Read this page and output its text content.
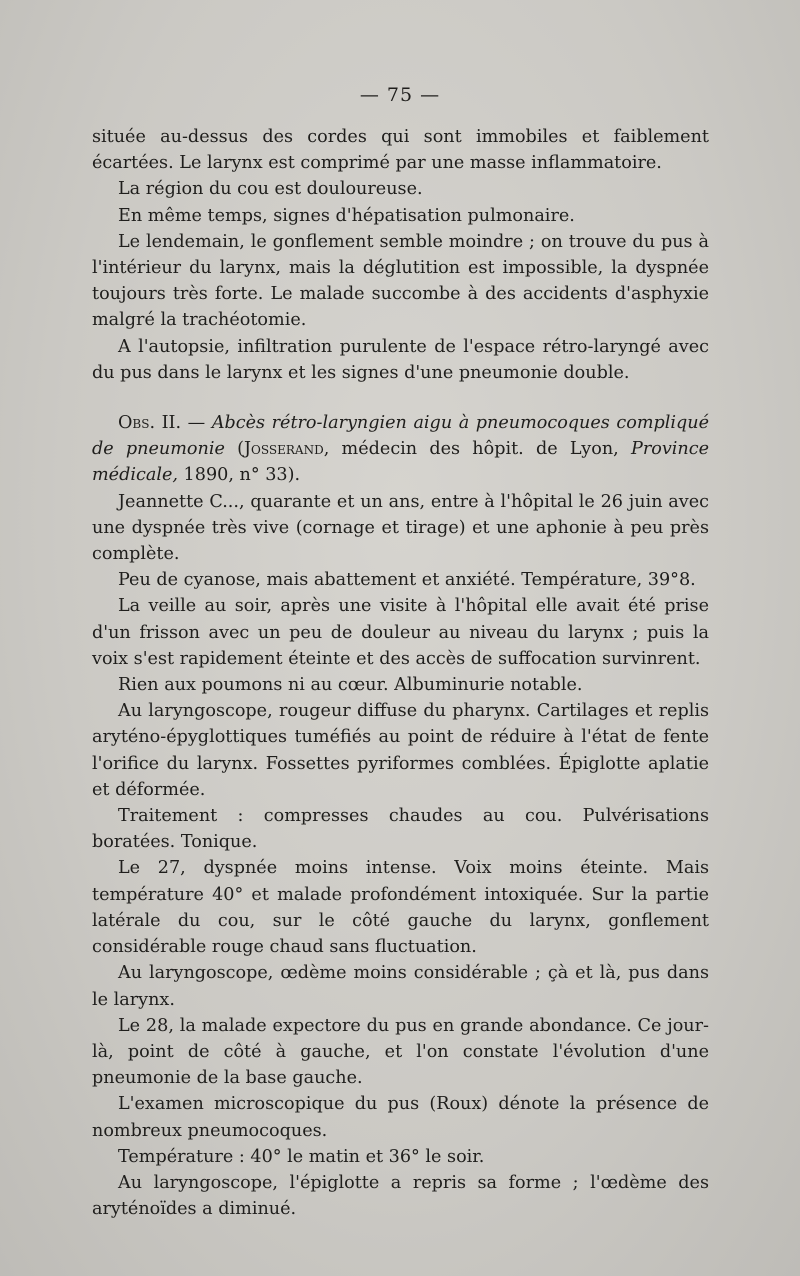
— 75 —

située au-dessus des cordes qui sont immobiles et faiblement écartées. Le larynx est comprimé par une masse inflammatoire.

La région du cou est douloureuse.

En même temps, signes d'hépatisation pulmonaire.

Le lendemain, le gonflement semble moindre ; on trouve du pus à l'intérieur du larynx, mais la déglutition est impossible, la dyspnée toujours très forte. Le malade succombe à des accidents d'asphyxie malgré la trachéotomie.

A l'autopsie, infiltration purulente de l'espace rétro-laryngé avec du pus dans le larynx et les signes d'une pneumonie double.

Obs. II. — Abcès rétro-laryngien aigu à pneumocoques compliqué de pneumonie (Josserand, médecin des hôpit. de Lyon, Province médicale, 1890, n° 33).

Jeannette C..., quarante et un ans, entre à l'hôpital le 26 juin avec une dyspnée très vive (cornage et tirage) et une aphonie à peu près complète.

Peu de cyanose, mais abattement et anxiété. Température, 39°8.

La veille au soir, après une visite à l'hôpital elle avait été prise d'un frisson avec un peu de douleur au niveau du larynx ; puis la voix s'est rapidement éteinte et des accès de suffocation survinrent.

Rien aux poumons ni au cœur. Albuminurie notable.

Au laryngoscope, rougeur diffuse du pharynx. Cartilages et replis aryténo-épyglottiques tuméfiés au point de réduire à l'état de fente l'orifice du larynx. Fossettes pyriformes comblées. Épiglotte aplatie et déformée.

Traitement : compresses chaudes au cou. Pulvérisations boratées. Tonique.

Le 27, dyspnée moins intense. Voix moins éteinte. Mais température 40° et malade profondément intoxiquée. Sur la partie latérale du cou, sur le côté gauche du larynx, gonflement considérable rouge chaud sans fluctuation.

Au laryngoscope, œdème moins considérable ; çà et là, pus dans le larynx.

Le 28, la malade expectore du pus en grande abondance. Ce jour-là, point de côté à gauche, et l'on constate l'évolution d'une pneumonie de la base gauche.

L'examen microscopique du pus (Roux) dénote la présence de nombreux pneumocoques.

Température : 40° le matin et 36° le soir.

Au laryngoscope, l'épiglotte a repris sa forme ; l'œdème des aryténoïdes a diminué.
